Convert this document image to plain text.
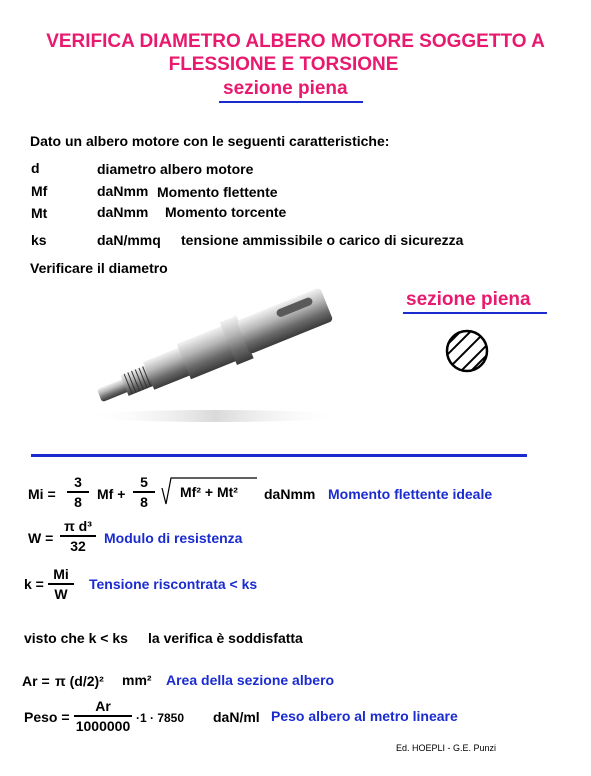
VERIFICA DIAMETRO ALBERO MOTORE SOGGETTO A
FLESSIONE E TORSIONE
sezione piena
Dato un albero motore con le seguenti caratteristiche:
d	diametro albero motore
Mf	daNmm Momento flettente
Mt	daNmm Momento torcente
ks	daN/mmq tensione ammissibile o carico di sicurezza
Verificare il diametro
sezione piena
Mi =
3
8 Mf +
5
8
Mf² + Mt² daNmm Momento flettente ideale
W =
π d³
32 Modulo di resistenza
k =
Mi
W
Tensione riscontrata < ks
visto che k < ks la verifica è soddisfatta
Ar = π (d/2)² mm² Area della sezione albero
Peso =
Ar
1000000 ·1 · 7850 daN/ml Peso albero al metro lineare
Ed. HOEPLI - G.E. Punzi
